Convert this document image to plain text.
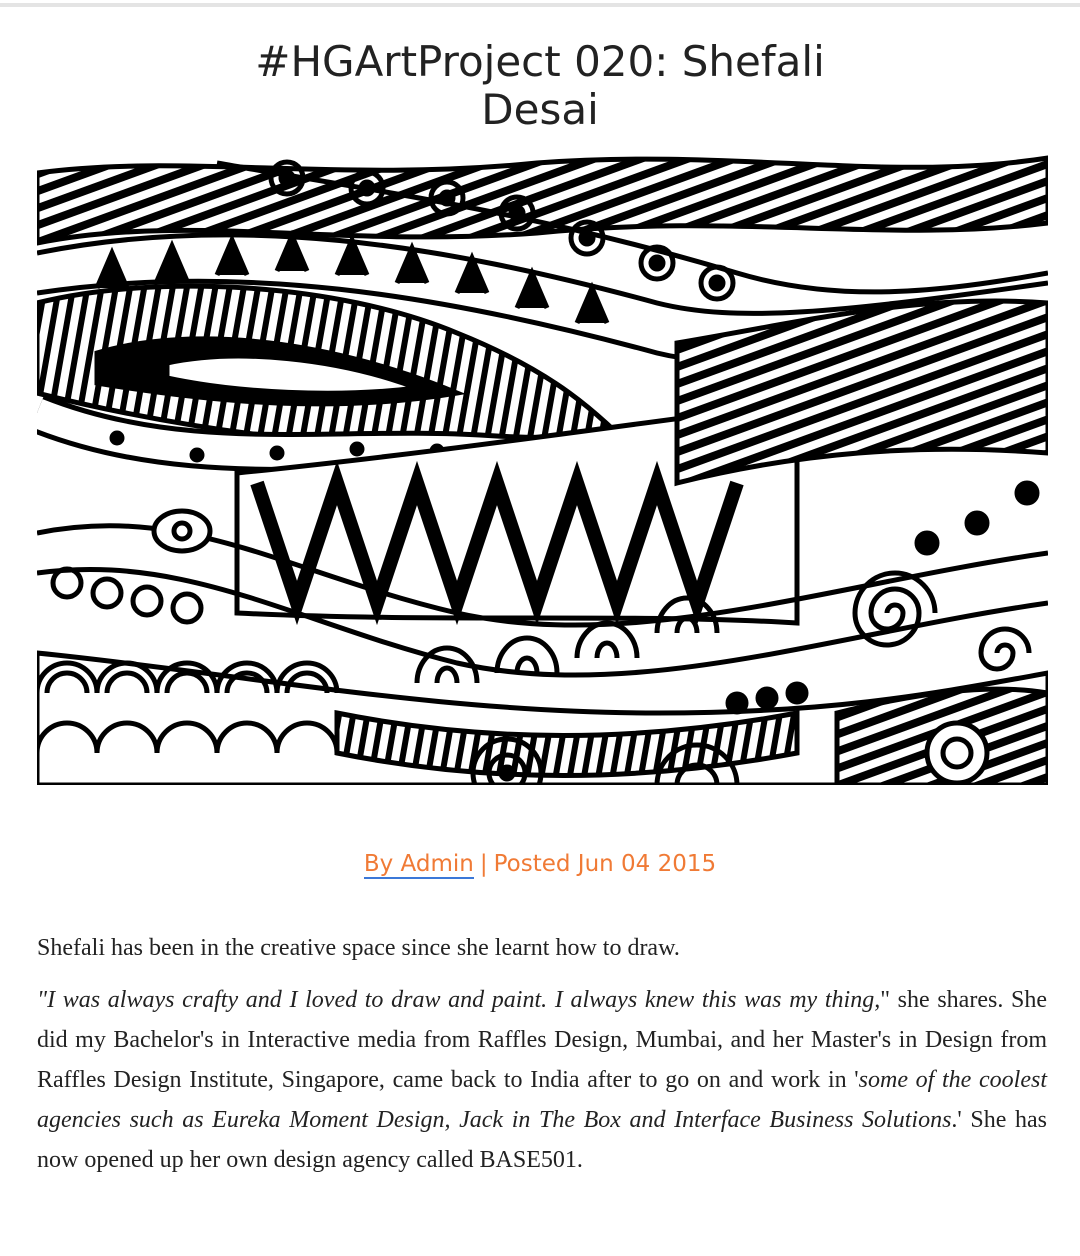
#HGArtProject 020: Shefali
Desai
By Admin | Posted Jun 04 2015

Shefali has been in the creative space since she learnt how to draw.

"I was always crafty and I loved to draw and paint. I always knew this was my thing," she shares. She did my Bachelor's in Interactive media from Raffles Design, Mumbai, and her Master's in Design from Raffles Design Institute, Singapore, came back to India after to go on and work in 'some of the coolest agencies such as Eureka Moment Design, Jack in The Box and Interface Business Solutions.' She has now opened up her own design agency called BASE501.
